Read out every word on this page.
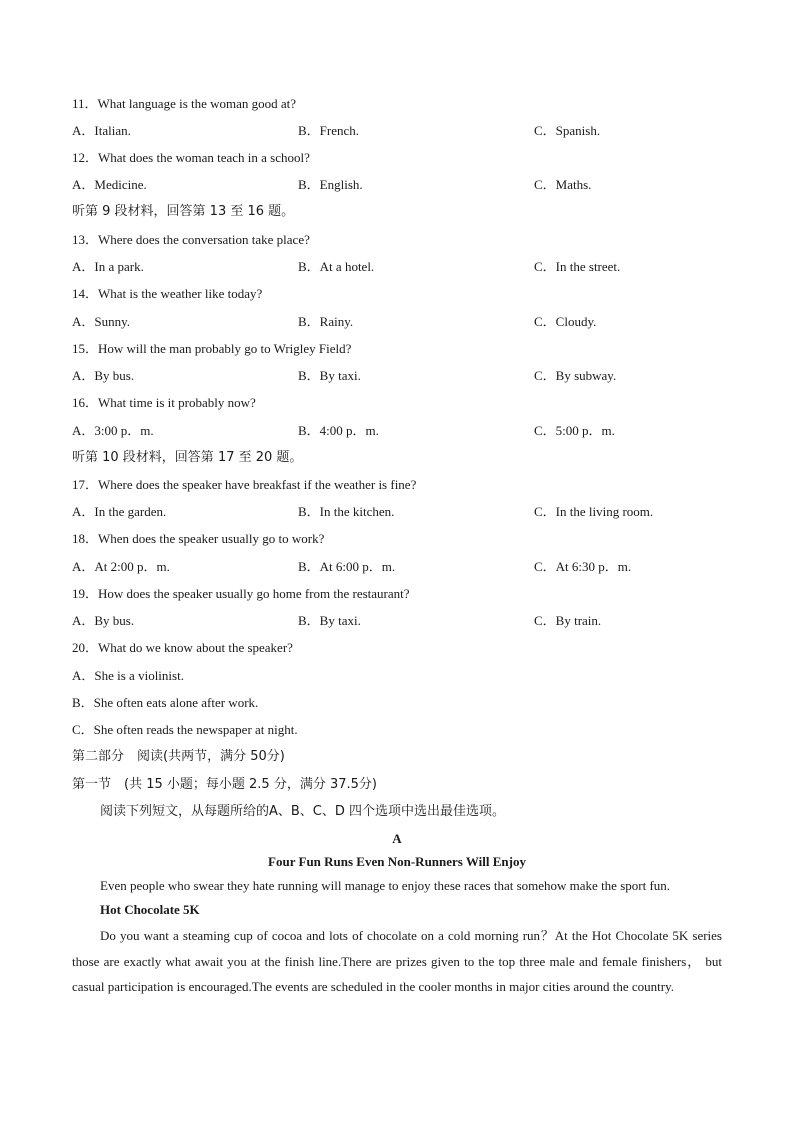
11．What language is the woman good at?
A．Italian.	B．French.	C．Spanish.
12．What does the woman teach in a school?
A．Medicine.	B．English.	C．Maths.
听第 9 段材料，回答第 13 至 16 题。
13．Where does the conversation take place?
A．In a park.	B．At a hotel.	C．In the street.
14．What is the weather like today?
A．Sunny.	B．Rainy.	C．Cloudy.
15．How will the man probably go to Wrigley Field?
A．By bus.	B．By taxi.	C．By subway.
16．What time is it probably now?
A．3:00 p．m.	B．4:00 p．m.	C．5:00 p．m.
听第 10 段材料，回答第 17 至 20 题。
17．Where does the speaker have breakfast if the weather is fine?
A．In the garden.	B．In the kitchen.	C．In the living room.
18．When does the speaker usually go to work?
A．At 2:00 p．m.	B．At 6:00 p．m.	C．At 6:30 p．m.
19．How does the speaker usually go home from the restaurant?
A．By bus.	B．By taxi.	C．By train.
20．What do we know about the speaker?
A．She is a violinist.
B．She often eats alone after work.
C．She often reads the newspaper at night.
第二部分　阅读(共两节，满分 50分)
第一节　(共 15 小题；每小题 2.5 分，满分 37.5分)
阅读下列短文，从每题所给的A、B、C、D 四个选项中选出最佳选项。
A
Four Fun Runs Even Non-Runners Will Enjoy
Even people who swear they hate running will manage to enjoy these races that somehow make the sport fun.
Hot Chocolate 5K
Do you want a steaming cup of cocoa and lots of chocolate on a cold morning run？At the Hot Chocolate 5K series those are exactly what await you at the finish line.There are prizes given to the top three male and female finishers， but casual participation is encouraged.The events are scheduled in the cooler months in major cities around the country.
